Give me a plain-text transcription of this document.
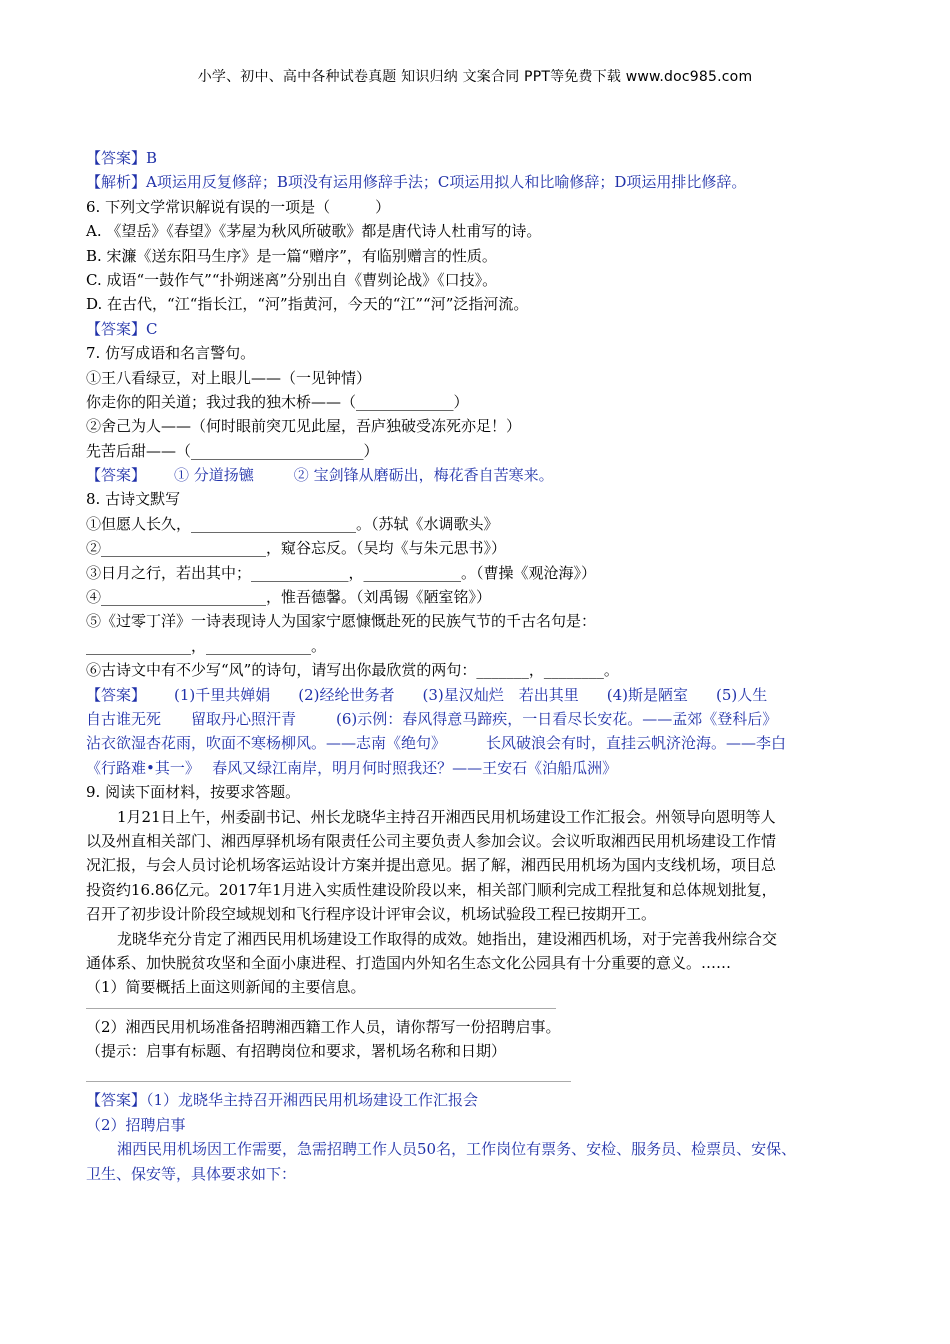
小学、初中、高中各种试卷真题 知识归纳 文案合同 PPT等免费下载 www.doc985.com
【答案】B
【解析】A项运用反复修辞；B项没有运用修辞手法；C项运用拟人和比喻修辞；D项运用排比修辞。
6. 下列文学常识解说有误的一项是（　　　）
A. 《望岳》《春望》《茅屋为秋风所破歌》都是唐代诗人杜甫写的诗。
B. 宋濂《送东阳马生序》是一篇“赠序”，有临别赠言的性质。
C. 成语“一鼓作气”“扑朔迷离”分别出自《曹刿论战》《口技》。
D. 在古代，“江“指长江，“河”指黄河，今天的“江”“河”泛指河流。
【答案】C
7. 仿写成语和名言警句。
①王八看绿豆，对上眼儿——（一见钟情）
你走你的阳关道；我过我的独木桥——（_____________）
②舍己为人——（何时眼前突兀见此屋，吾庐独破受冻死亦足！）
先苦后甜——（_______________________）
【答案】 ① 分道扬镳	② 宝剑锋从磨砺出，梅花香自苦寒来。
8. 古诗文默写
①但愿人长久，______________________。（苏轼《水调歌头》
②______________________，窥谷忘反。（吴均《与朱元思书》）
③日月之行，若出其中；_____________，_____________。（曹操《观沧海》）
④______________________，惟吾德馨。（刘禹锡《陋室铭》）
⑤《过零丁洋》一诗表现诗人为国家宁愿慷慨赴死的民族气节的千古名句是：
______________，______________。
⑥古诗文中有不少写“风”的诗句，请写出你最欣赏的两句：_______，________。
【答案】 (1)千里共婵娟 (2)经纶世务者 (3)星汉灿烂　若出其里 (4)斯是陋室 (5)人生
自古谁无死　　留取丹心照汗青	(6)示例：春风得意马蹄疾，一日看尽长安花。——孟郊《登科后》
沾衣欲湿杏花雨，吹面不寒杨柳风。——志南《绝句》	长风破浪会有时，直挂云帆济沧海。——李白
《行路难•其一》　 春风又绿江南岸，明月何时照我还？——王安石《泊船瓜洲》
9. 阅读下面材料，按要求答题。
1月21日上午，州委副书记、州长龙晓华主持召开湘西民用机场建设工作汇报会。州领导向恩明等人
以及州直相关部门、湘西厚驿机场有限责任公司主要负责人参加会议。会议听取湘西民用机场建设工作情
况汇报，与会人员讨论机场客运站设计方案并提出意见。据了解，湘西民用机场为国内支线机场，项目总
投资约16.86亿元。2017年1月进入实质性建设阶段以来，相关部门顺利完成工程批复和总体规划批复，
召开了初步设计阶段空域规划和飞行程序设计评审会议，机场试验段工程已按期开工。
龙晓华充分肯定了湘西民用机场建设工作取得的成效。她指出，建设湘西机场，对于完善我州综合交
通体系、加快脱贫攻坚和全面小康进程、打造国内外知名生态文化公园具有十分重要的意义。……
（1）简要概括上面这则新闻的主要信息。
（2）湘西民用机场准备招聘湘西籍工作人员，请你帮写一份招聘启事。
（提示：启事有标题、有招聘岗位和要求，署机场名称和日期）
【答案】（1）龙晓华主持召开湘西民用机场建设工作汇报会
（2）招聘启事
湘西民用机场因工作需要，急需招聘工作人员50名，工作岗位有票务、安检、服务员、检票员、安保、
卫生、保安等，具体要求如下：
